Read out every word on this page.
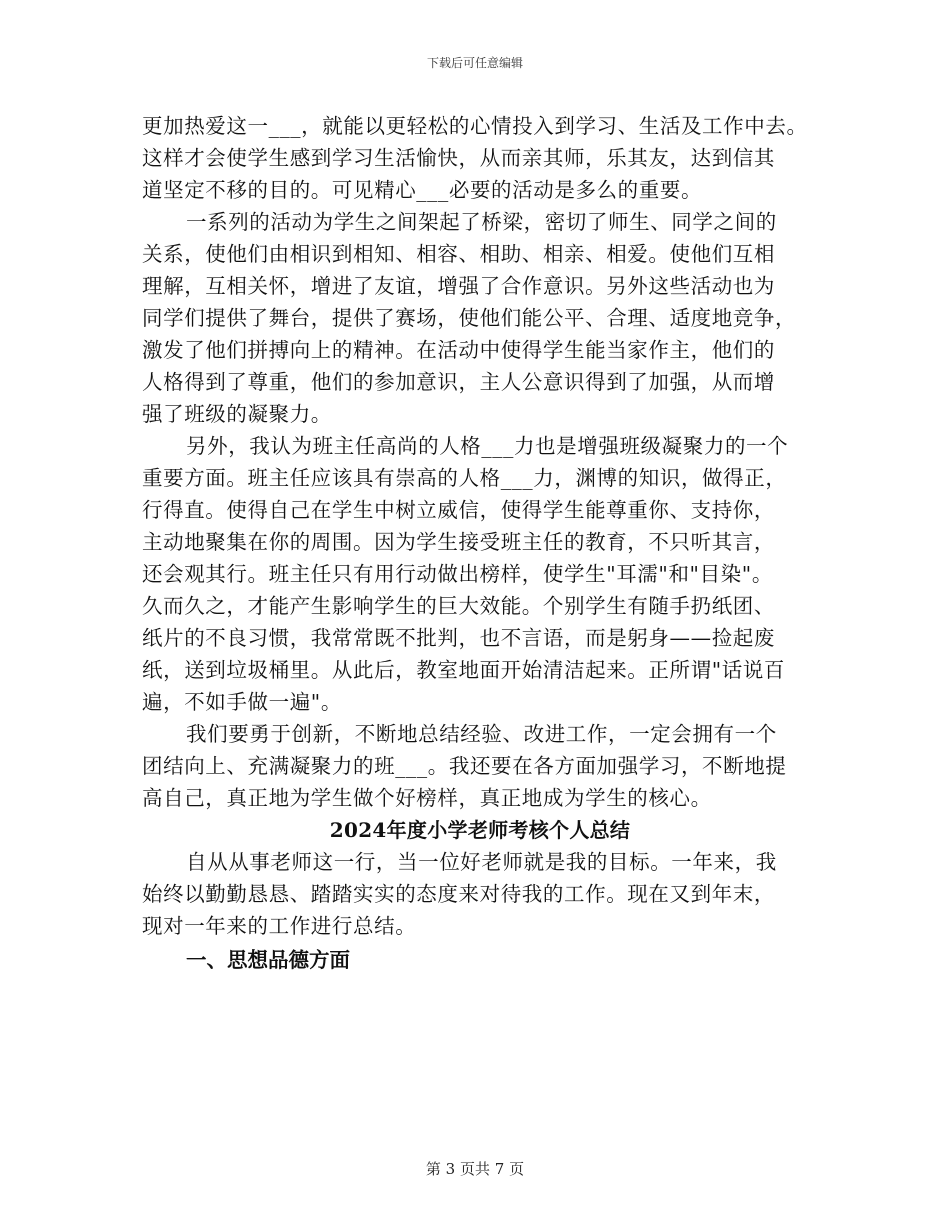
下载后可任意编辑
更加热爱这一___，就能以更轻松的心情投入到学习、生活及工作中去。
这样才会使学生感到学习生活愉快，从而亲其师，乐其友，达到信其
道坚定不移的目的。可见精心___必要的活动是多么的重要。
一系列的活动为学生之间架起了桥梁，密切了师生、同学之间的
关系，使他们由相识到相知、相容、相助、相亲、相爱。使他们互相
理解，互相关怀，增进了友谊，增强了合作意识。另外这些活动也为
同学们提供了舞台，提供了赛场，使他们能公平、合理、适度地竞争，
激发了他们拼搏向上的精神。在活动中使得学生能当家作主，他们的
人格得到了尊重，他们的参加意识，主人公意识得到了加强，从而增
强了班级的凝聚力。
另外，我认为班主任高尚的人格___力也是增强班级凝聚力的一个
重要方面。班主任应该具有崇高的人格___力，渊博的知识，做得正，
行得直。使得自己在学生中树立威信，使得学生能尊重你、支持你，
主动地聚集在你的周围。因为学生接受班主任的教育，不只听其言，
还会观其行。班主任只有用行动做出榜样，使学生"耳濡"和"目染"。
久而久之，才能产生影响学生的巨大效能。个别学生有随手扔纸团、
纸片的不良习惯，我常常既不批判，也不言语，而是躬身——捡起废
纸，送到垃圾桶里。从此后，教室地面开始清洁起来。正所谓"话说百
遍，不如手做一遍"。
我们要勇于创新，不断地总结经验、改进工作，一定会拥有一个
团结向上、充满凝聚力的班___。我还要在各方面加强学习，不断地提
高自己，真正地为学生做个好榜样，真正地成为学生的核心。
2024年度小学老师考核个人总结
自从从事老师这一行，当一位好老师就是我的目标。一年来，我
始终以勤勤恳恳、踏踏实实的态度来对待我的工作。现在又到年末，
现对一年来的工作进行总结。
一、思想品德方面
第 3 页共 7 页
